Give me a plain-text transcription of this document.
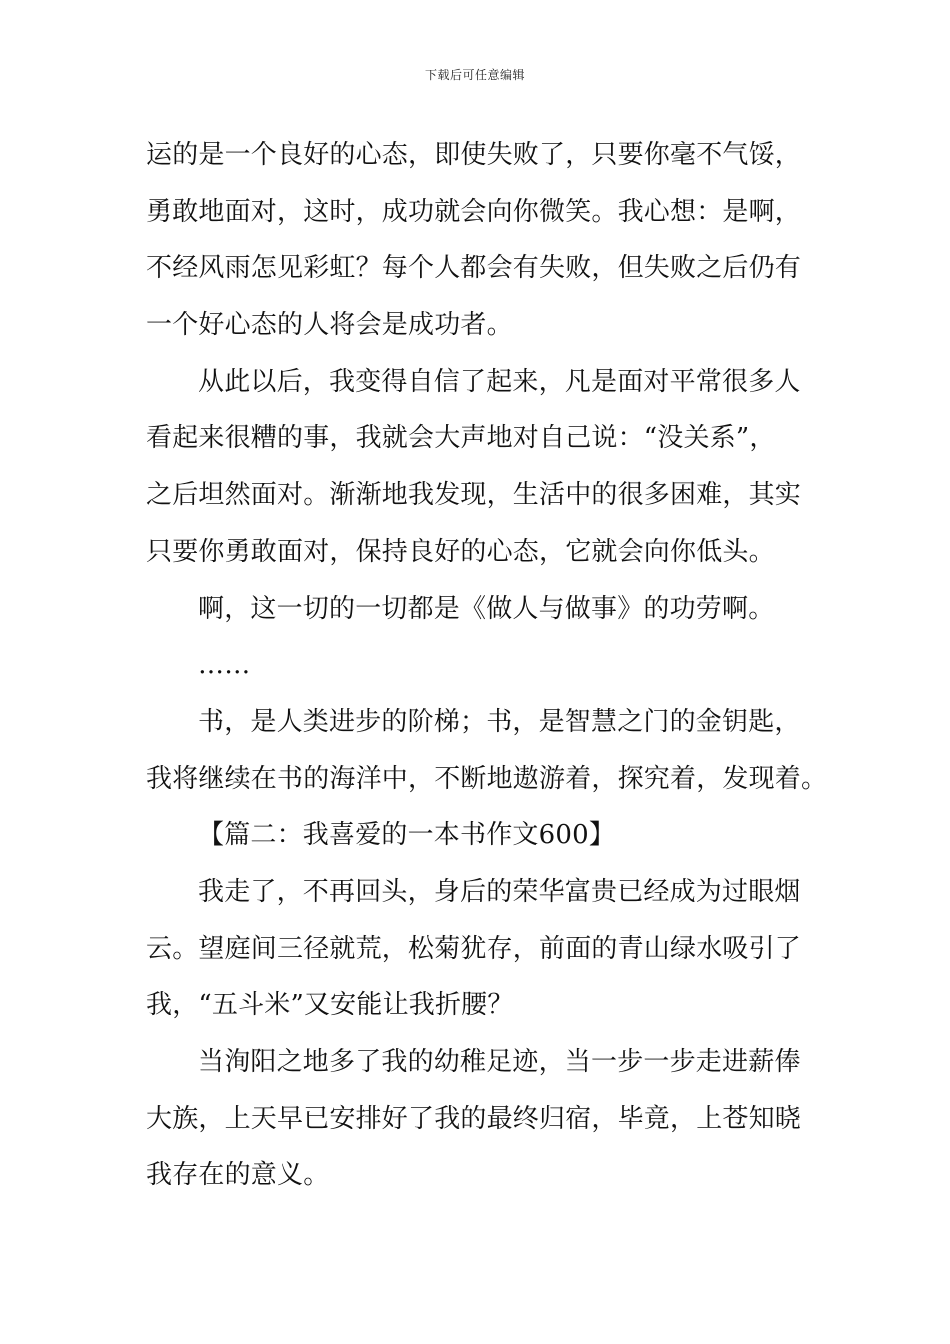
下载后可任意编辑
运的是一个良好的心态，即使失败了，只要你毫不气馁，
勇敢地面对，这时，成功就会向你微笑。我心想：是啊，
不经风雨怎见彩虹？每个人都会有失败，但失败之后仍有
一个好心态的人将会是成功者。
从此以后，我变得自信了起来，凡是面对平常很多人
看起来很糟的事，我就会大声地对自己说：“没关系”，
之后坦然面对。渐渐地我发现，生活中的很多困难，其实
只要你勇敢面对，保持良好的心态，它就会向你低头。
啊，这一切的一切都是《做人与做事》的功劳啊。
……
书，是人类进步的阶梯；书，是智慧之门的金钥匙，
我将继续在书的海洋中，不断地遨游着，探究着，发现着。
【篇二：我喜爱的一本书作文600】
我走了，不再回头，身后的荣华富贵已经成为过眼烟
云。望庭间三径就荒，松菊犹存，前面的青山绿水吸引了
我，“五斗米”又安能让我折腰？
当洵阳之地多了我的幼稚足迹，当一步一步走进薪俸
大族，上天早已安排好了我的最终归宿，毕竟，上苍知晓
我存在的意义。
